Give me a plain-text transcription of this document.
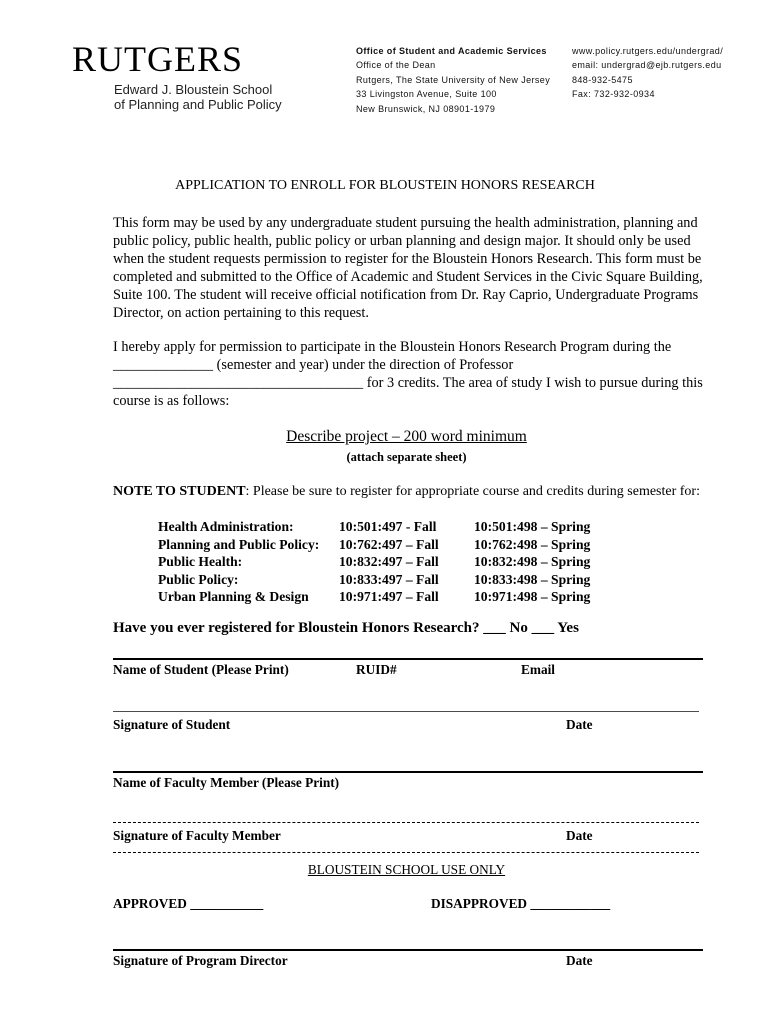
RUTGERS
Edward J. Bloustein School
of Planning and Public Policy
Office of Student and Academic Services
Office of the Dean
Rutgers, The State University of New Jersey
33 Livingston Avenue, Suite 100
New Brunswick, NJ 08901-1979
www.policy.rutgers.edu/undergrad/
email: undergrad@ejb.rutgers.edu
848-932-5475
Fax: 732-932-0934
APPLICATION TO ENROLL FOR BLOUSTEIN HONORS RESEARCH
This form may be used by any undergraduate student pursuing the health administration, planning and public policy, public health, public policy or urban planning and design major. It should only be used when the student requests permission to register for the Bloustein Honors Research. This form must be completed and submitted to the Office of Academic and Student Services in the Civic Square Building, Suite 100. The student will receive official notification from Dr. Ray Caprio, Undergraduate Programs Director, on action pertaining to this request.
I hereby apply for permission to participate in the Bloustein Honors Research Program during the ______________ (semester and year) under the direction of Professor ___________________________________ for 3 credits. The area of study I wish to pursue during this course is as follows:
Describe project – 200 word minimum
(attach separate sheet)
NOTE TO STUDENT: Please be sure to register for appropriate course and credits during semester for:
Health Administration:	10:501:497 - Fall	10:501:498 – Spring
Planning and Public Policy:	10:762:497 – Fall	10:762:498 – Spring
Public Health:	10:832:497 – Fall	10:832:498 – Spring
Public Policy:	10:833:497 – Fall	10:833:498 – Spring
Urban Planning & Design	10:971:497 – Fall	10:971:498 – Spring
Have you ever registered for Bloustein Honors Research? ___ No ___ Yes
Name of Student (Please Print)	RUID#	Email
Signature of Student	Date
Name of Faculty Member (Please Print)
Signature of Faculty Member	Date
BLOUSTEIN SCHOOL USE ONLY
APPROVED ___________	DISAPPROVED ____________
Signature of Program Director	Date
